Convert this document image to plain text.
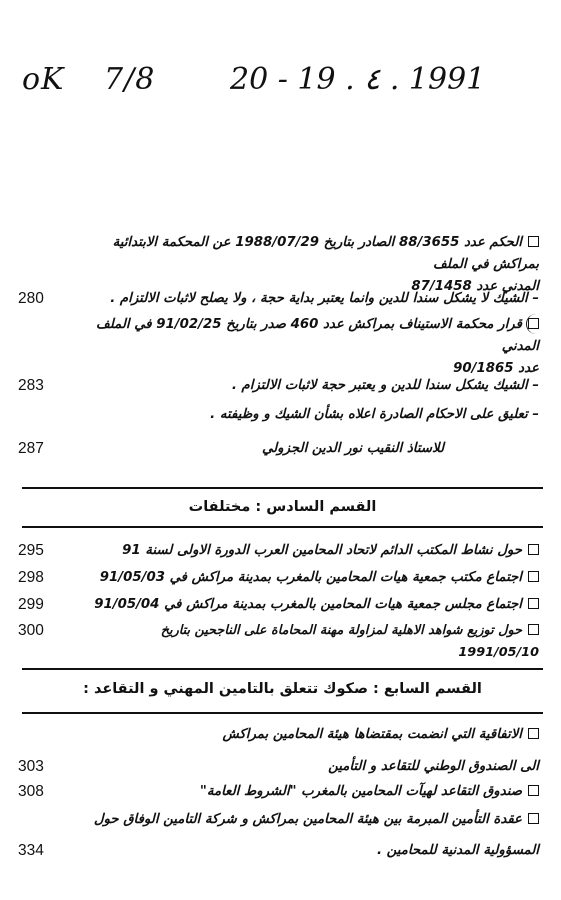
oK 7/8 20 - 19 . ٤ . 1991
الحكم عدد 88/3655 الصادر بتاريخ 1988/07/29 عن المحكمة الابتدائية بمراكش في الملف
المدني عدد 87/1458
280	– الشيك لا يشكل سندا للدين وانما يعتبر بداية حجة ، ولا يصلح لاثبات الالتزام .
قرار محكمة الاستيناف بمراكش عدد 460 صدر بتاريخ 91/02/25 في الملف المدني
عدد 90/1865
283	– الشيك يشكل سندا للدين و يعتبر حجة لاثبات الالتزام .
– تعليق على الاحكام الصادرة اعلاه بشأن الشيك و وظيفته .
287	للاستاذ النقيب نور الدين الجزولي
القسم السادس : مختلفات
295	حول نشاط المكتب الدائم لاتحاد المحامين العرب الدورة الاولى لسنة 91
298	اجتماع مكتب جمعية هيات المحامين بالمغرب بمدينة مراكش في 91/05/03
299	اجتماع مجلس جمعية هيات المحامين بالمغرب بمدينة مراكش في 91/05/04
300	حول توزيع شواهد الاهلية لمزاولة مهنة المحاماة على الناجحين بتاريخ 1991/05/10
القسم السابع : صكوك تتعلق بالتامين المهني و التقاعد :
الاتفاقية التي انضمت بمقتضاها هيئة المحامين بمراكش
303	الى الصندوق الوطني للتقاعد و التأمين
308	صندوق التقاعد لهيآت المحامين بالمغرب "الشروط العامة"
عقدة التأمين المبرمة بين هيئة المحامين بمراكش و شركة التامين الوفاق حول
334	المسؤولية المدنية للمحامين .
